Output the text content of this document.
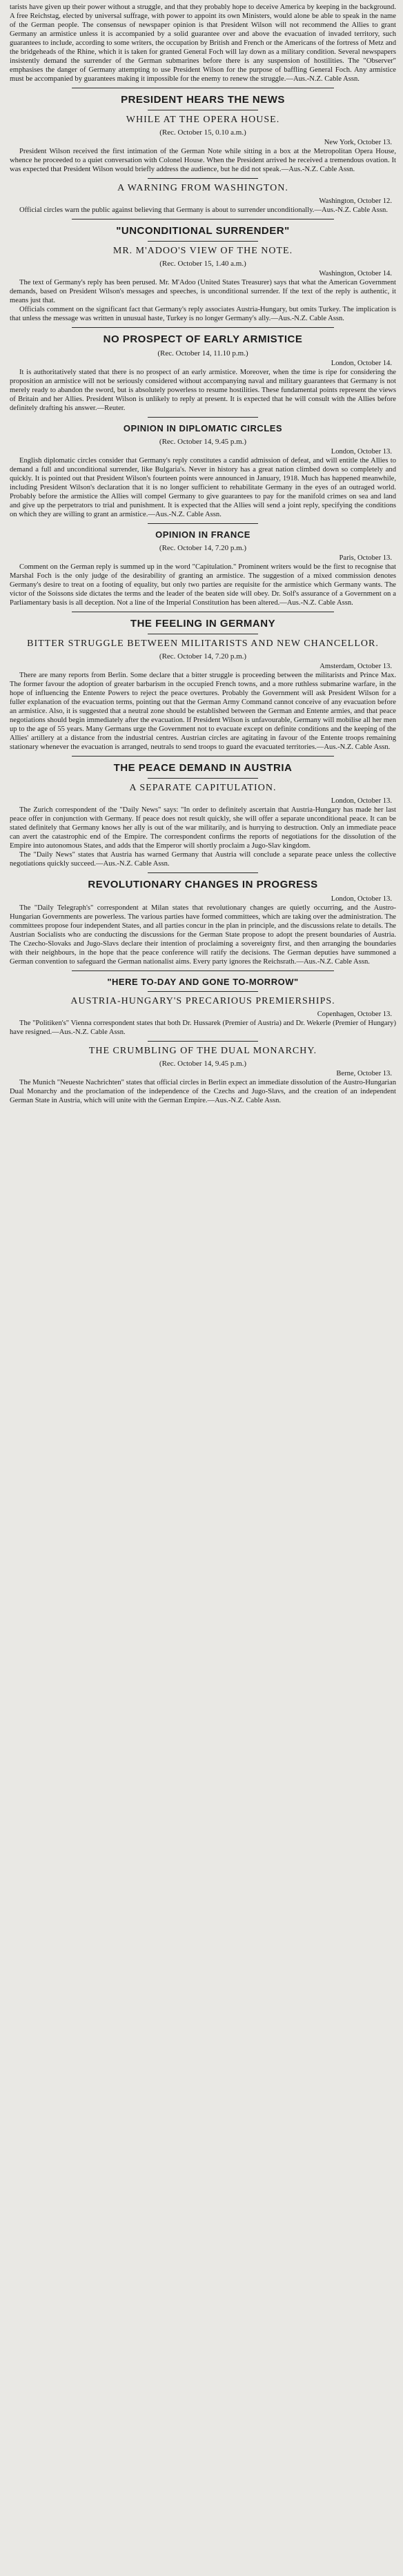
tarists have given up their power without a struggle, and that they probably hope to deceive America by keeping in the background. A free Reichstag, elected by universal suffrage, with power to appoint its own Ministers, would alone be able to speak in the name of the German people. The consensus of newspaper opinion is that President Wilson will not recommend the Allies to grant Germany an armistice unless it is accompanied by a solid guarantee over and above the evacuation of invaded territory, such guarantees to include, according to some writers, the occupation by British and French or the Americans of the fortress of Metz and the bridgeheads of the Rhine, which it is taken for granted General Foch will lay down as a military condition. Several newspapers insistently demand the surrender of the German submarines before there is any suspension of hostilities. The "Observer" emphasises the danger of Germany attempting to use President Wilson for the purpose of baffling General Foch. Any armistice must be accompanied by guarantees making it impossible for the enemy to renew the struggle.—Aus.-N.Z. Cable Assn.

PRESIDENT HEARS THE NEWS
WHILE AT THE OPERA HOUSE.
(Rec. October 15, 0.10 a.m.)
New York, October 13.

President Wilson received the first intimation of the German Note while sitting in a box at the Metropolitan Opera House, whence he proceeded to a quiet conversation with Colonel House. When the President arrived he received a tremendous ovation. It was expected that President Wilson would briefly address the audience, but he did not speak.—Aus.-N.Z. Cable Assn.

A WARNING FROM WASHINGTON.
Washington, October 12.

Official circles warn the public against believing that Germany is about to surrender unconditionally.—Aus.-N.Z. Cable Assn.

"UNCONDITIONAL SURRENDER"
MR. M'ADOO'S VIEW OF THE NOTE.
(Rec. October 15, 1.40 a.m.)
Washington, October 14.

The text of Germany's reply has been perused. Mr. M'Adoo (United States Treasurer) says that what the American Government demands, based on President Wilson's messages and speeches, is unconditional surrender. If the text of the reply is authentic, it means just that.

Officials comment on the significant fact that Germany's reply associates Austria-Hungary, but omits Turkey. The implication is that unless the message was written in unusual haste, Turkey is no longer Germany's ally.—Aus.-N.Z. Cable Assn.

NO PROSPECT OF EARLY ARMISTICE
(Rec. October 14, 11.10 p.m.)
London, October 14.

It is authoritatively stated that there is no prospect of an early armistice. Moreover, when the time is ripe for considering the proposition an armistice will not be seriously considered without accompanying naval and military guarantees that Germany is not merely ready to abandon the sword, but is absolutely powerless to resume hostilities. These fundamental points represent the views of Britain and her Allies. President Wilson is unlikely to reply at present. It is expected that he will consult with the Allies before definitely drafting his answer.—Reuter.

OPINION IN DIPLOMATIC CIRCLES
(Rec. October 14, 9.45 p.m.)
London, October 13.

English diplomatic circles consider that Germany's reply constitutes a candid admission of defeat, and will entitle the Allies to demand a full and unconditional surrender, like Bulgaria's. Never in history has a great nation climbed down so completely and quickly. It is pointed out that President Wilson's fourteen points were announced in January, 1918. Much has happened meanwhile, including President Wilson's declaration that it is no longer sufficient to rehabilitate Germany in the eyes of an outraged world. Probably before the armistice the Allies will compel Germany to give guarantees to pay for the manifold crimes on sea and land and give up the perpetrators to trial and punishment. It is expected that the Allies will send a joint reply, specifying the conditions on which they are willing to grant an armistice.—Aus.-N.Z. Cable Assn.

OPINION IN FRANCE
(Rec. October 14, 7.20 p.m.)
Paris, October 13.

Comment on the German reply is summed up in the word "Capitulation." Prominent writers would be the first to recognise that Marshal Foch is the only judge of the desirability of granting an armistice. The suggestion of a mixed commission denotes Germany's desire to treat on a footing of equality, but only two parties are requisite for the armistice which Germany wants. The victor of the Soissons side dictates the terms and the leader of the beaten side will obey. Dr. Solf's assurance of a Government on a Parliamentary basis is all deception. Not a line of the Imperial Constitution has been altered.—Aus.-N.Z. Cable Assn.

THE FEELING IN GERMANY
BITTER STRUGGLE BETWEEN MILITARISTS AND NEW CHANCELLOR.
(Rec. October 14, 7.20 p.m.)
Amsterdam, October 13.

There are many reports from Berlin. Some declare that a bitter struggle is proceeding between the militarists and Prince Max. The former favour the adoption of greater barbarism in the occupied French towns, and a more ruthless submarine warfare, in the hope of influencing the Entente Powers to reject the peace overtures. Probably the Government will ask President Wilson for a fuller explanation of the evacuation terms, pointing out that the German Army Command cannot conceive of any evacuation before an armistice. Also, it is suggested that a neutral zone should be established between the German and Entente armies, and that peace negotiations should begin immediately after the evacuation. If President Wilson is unfavourable, Germany will mobilise all her men up to the age of 55 years. Many Germans urge the Government not to evacuate except on definite conditions and the keeping of the Allies' artillery at a distance from the industrial centres. Austrian circles are agitating in favour of the Entente troops remaining stationary whenever the evacuation is arranged, neutrals to send troops to guard the evacuated territories.—Aus.-N.Z. Cable Assn.

THE PEACE DEMAND IN AUSTRIA
A SEPARATE CAPITULATION.
London, October 13.

The Zurich correspondent of the "Daily News" says: "In order to definitely ascertain that Austria-Hungary has made her last peace offer in conjunction with Germany. If peace does not result quickly, she will offer a separate unconditional peace. It can be stated definitely that Germany knows her ally is out of the war militarily, and is hurrying to destruction. Only an immediate peace can avert the catastrophic end of the Empire. The correspondent confirms the reports of negotiations for the dissolution of the Empire into autonomous States, and adds that the Emperor will shortly proclaim a Jugo-Slav kingdom.

The "Daily News" states that Austria has warned Germany that Austria will conclude a separate peace unless the collective negotiations quickly succeed.—Aus.-N.Z. Cable Assn.

REVOLUTIONARY CHANGES IN PROGRESS
London, October 13.

The "Daily Telegraph's" correspondent at Milan states that revolutionary changes are quietly occurring, and the Austro-Hungarian Governments are powerless. The various parties have formed committees, which are taking over the administration. The committees propose four independent States, and all parties concur in the plan in principle, and the discussions relate to details. The Austrian Socialists who are conducting the discussions for the German State propose to adopt the present boundaries of Austria. The Czecho-Slovaks and Jugo-Slavs declare their intention of proclaiming a sovereignty first, and then arranging the boundaries with their neighbours, in the hope that the peace conference will ratify the decisions. The German deputies have summoned a German convention to safeguard the German nationalist aims. Every party ignores the Reichsrath.—Aus.-N.Z. Cable Assn.

"HERE TO-DAY AND GONE TO-MORROW"
AUSTRIA-HUNGARY'S PRECARIOUS PREMIERSHIPS.
Copenhagen, October 13.

The "Politiken's" Vienna correspondent states that both Dr. Hussarek (Premier of Austria) and Dr. Wekerle (Premier of Hungary) have resigned.—Aus.-N.Z. Cable Assn.

THE CRUMBLING OF THE DUAL MONARCHY.
(Rec. October 14, 9.45 p.m.)
Berne, October 13.

The Munich "Neueste Nachrichten" states that official circles in Berlin expect an immediate dissolution of the Austro-Hungarian Dual Monarchy and the proclamation of the independence of the Czechs and Jugo-Slavs, and the creation of an independent German State in Austria, which will unite with the German Empire.—Aus.-N.Z. Cable Assn.
